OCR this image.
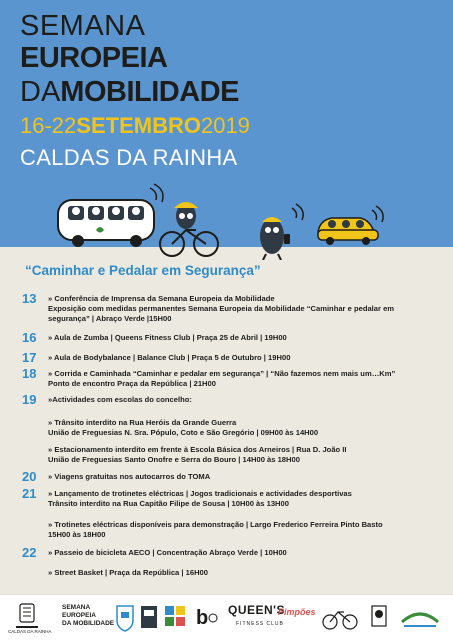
SEMANA
EUROPEIA
DAMOBILIDADE
16-22SETEMBRO2019
CALDAS DA RAINHA
“Caminhar e Pedalar em Segurança”
13	» Conferência de Imprensa da Semana Europeia da Mobilidade
Exposição com medidas permanentes Semana Europeia da Mobilidade “Caminhar e pedalar em
segurança” | Abraço Verde |15H00
16	» Aula de Zumba | Queens Fitness Club | Praça 25 de Abril | 19H00
17	» Aula de Bodybalance | Balance Club | Praça 5 de Outubro | 19H00
18	» Corrida e Caminhada “Caminhar e pedalar em segurança” | “Não fazemos nem mais um…Km”
Ponto de encontro Praça da República | 21H00
19	»Actividades com escolas do concelho:
» Trânsito interdito na Rua Heróis da Grande Guerra
União de Freguesias N. Sra. Pópulo, Coto e São Gregório | 09H00 às 14H00
» Estacionamento interdito em frente à Escola Básica dos Arneiros | Rua D. João II
União de Freguesias Santo Onofre e Serra do Bouro | 14H00 às 18H00
20	» Viagens gratuitas nos autocarros do TOMA
21	» Lançamento de trotinetes eléctricas | Jogos tradicionais e actividades desportivas
Trânsito interdito na Rua Capitão Filipe de Sousa | 10H00 às 13H00
» Trotinetes eléctricas disponíveis para demonstração | Largo Frederico Ferreira Pinto Basto
15H00 às 18H00
22	» Passeio de bicicleta AECO | Concentração Abraço Verde | 10H00
» Street Basket | Praça da República | 16H00
CALDAS DA RAINHA
SEMANA
EUROPEIA
DA MOBILIDADE	b QUEEN'S
FITNESS CLUB
Pimpões
